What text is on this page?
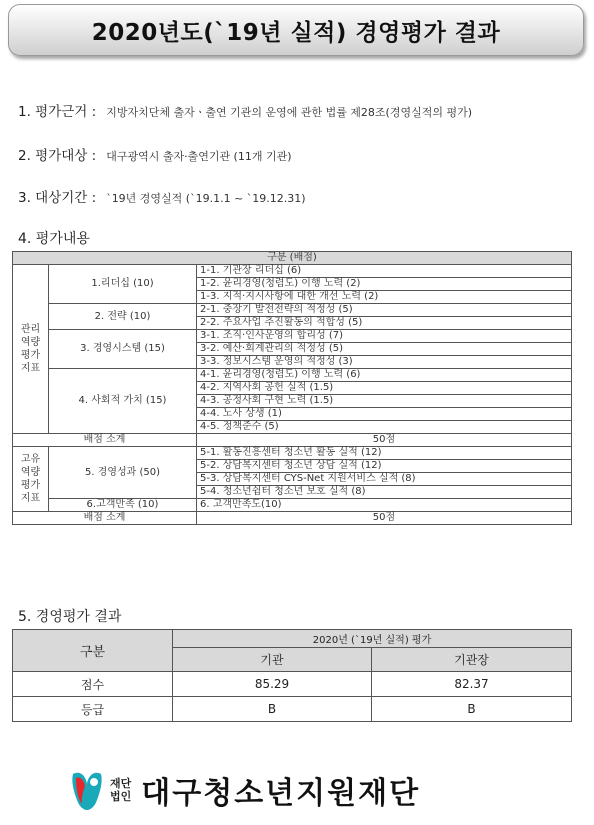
2020년도(`19년 실적) 경영평가 결과
1. 평가근거 : 지방자치단체 출자ㆍ출연 기관의 운영에 관한 법률 제28조(경영실적의 평가)
2. 평가대상 : 대구광역시 출자·출연기관 (11개 기관)
3. 대상기간 : `19년 경영실적 (`19.1.1 ~ `19.12.31)
4. 평가내용
구분 (배점)		
관리
역량
평가
지표	1.리더십 (10)	1-1. 기관장 리더십 (6)
		1-2. 윤리경영(청렴도) 이행 노력 (2)
		1-3. 지적·지시사항에 대한 개선 노력 (2)
	2. 전략 (10)	2-1. 중장기 발전전략의 적정성 (5)
		2-2. 주요사업 추진활동의 적합성 (5)
	3. 경영시스템 (15)	3-1. 조직·인사운영의 합리성 (7)
		3-2. 예산·회계관리의 적정성 (5)
		3-3. 정보시스템 운영의 적정성 (3)
	4. 사회적 가치 (15)	4-1. 윤리경영(청렴도) 이행 노력 (6)
		4-2. 지역사회 공헌 실적 (1.5)
		4-3. 공정사회 구현 노력 (1.5)
		4-4. 노사 상생 (1)
		4-5. 정책준수 (5)
배점 소계		50점
고유
역량
평가
지표	5. 경영성과 (50)	5-1. 활동진흥센터 청소년 활동 실적 (12)
		5-2. 상담복지센터 청소년 상담 실적 (12)
		5-3. 상담복지센터 CYS-Net 지원서비스 실적 (8)
		5-4. 청소년쉼터 청소년 보호 실적 (8)
	6.고객만족 (10)	6. 고객만족도(10)
배점 소계		50점
5. 경영평가 결과
구분	2020년 (`19년 실적) 평가	
	기관	기관장
점수	85.29	82.37
등급	B	B
재단
법인 대구청소년지원재단
